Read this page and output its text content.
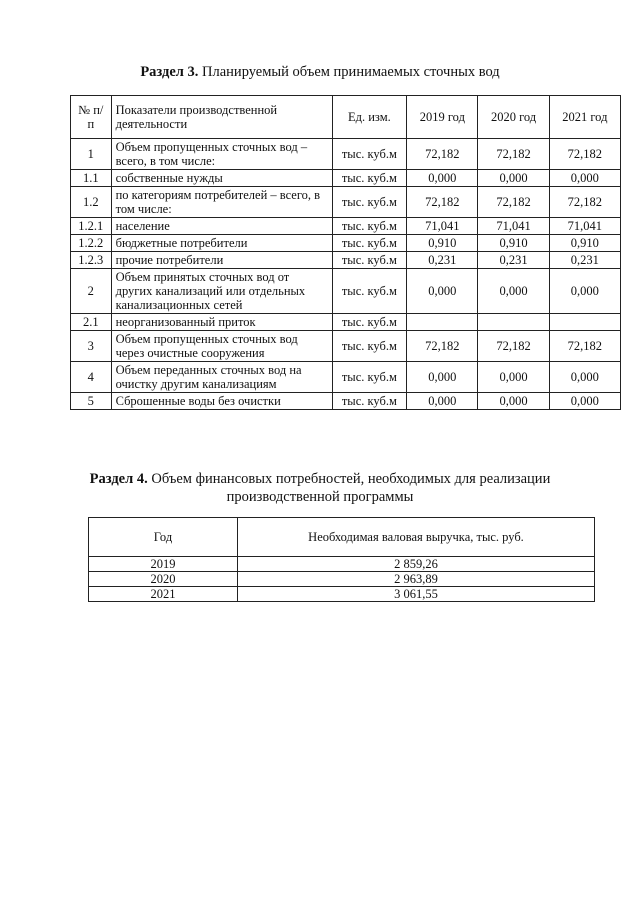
Раздел 3. Планируемый объем принимаемых сточных вод
№ п/п	Показатели производственной деятельности	Ед. изм.	2019 год	2020 год	2021 год
1	Объем пропущенных сточных вод – всего, в том числе:	тыс. куб.м	72,182	72,182	72,182
1.1	собственные нужды	тыс. куб.м	0,000	0,000	0,000
1.2	по категориям потребителей – всего, в том числе:	тыс. куб.м	72,182	72,182	72,182
1.2.1	население	тыс. куб.м	71,041	71,041	71,041
1.2.2	бюджетные потребители	тыс. куб.м	0,910	0,910	0,910
1.2.3	прочие потребители	тыс. куб.м	0,231	0,231	0,231
2	Объем принятых сточных вод от других канализаций или отдельных канализационных сетей	тыс. куб.м	0,000	0,000	0,000
2.1	неорганизованный приток	тыс. куб.м			
3	Объем пропущенных сточных вод через очистные сооружения	тыс. куб.м	72,182	72,182	72,182
4	Объем переданных сточных вод на очистку другим канализациям	тыс. куб.м	0,000	0,000	0,000
5	Сброшенные воды без очистки	тыс. куб.м	0,000	0,000	0,000
Раздел 4. Объем финансовых потребностей, необходимых для реализации
производственной программы
Год	Необходимая валовая выручка, тыс. руб.
2019	2 859,26
2020	2 963,89
2021	3 061,55
